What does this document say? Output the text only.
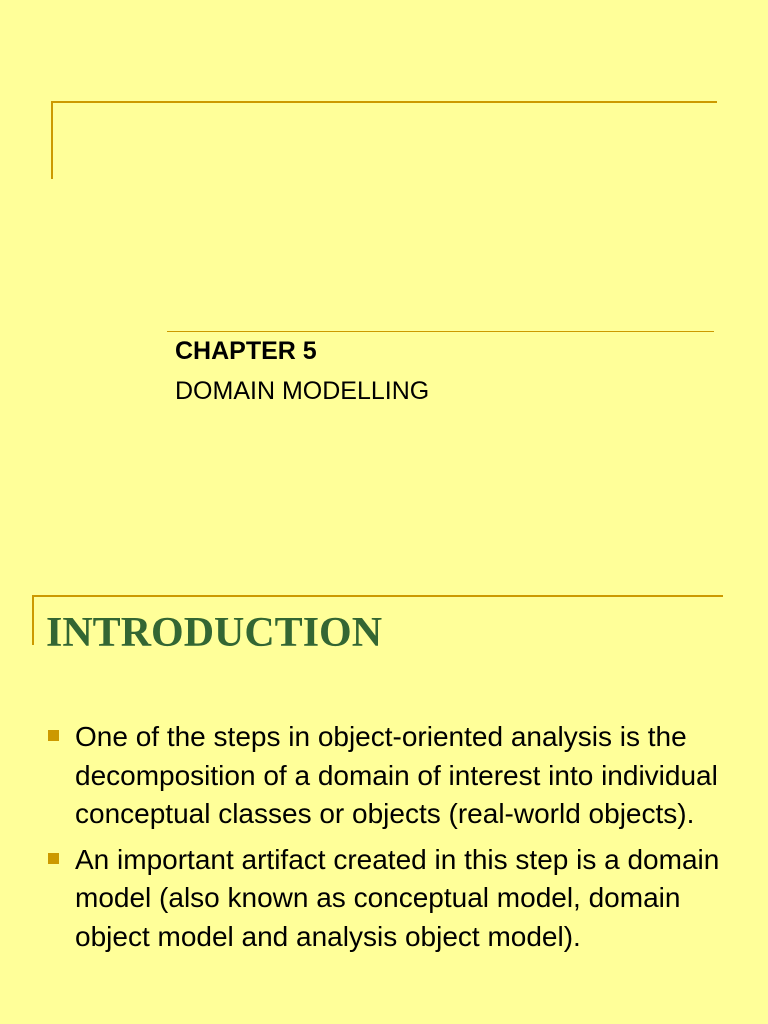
CHAPTER 5
DOMAIN MODELLING
INTRODUCTION
One of the steps in object-oriented analysis is the decomposition of a domain of interest into individual conceptual classes or objects (real-world objects).
An important artifact created in this step is a domain model (also known as conceptual model, domain object model and analysis object model).
